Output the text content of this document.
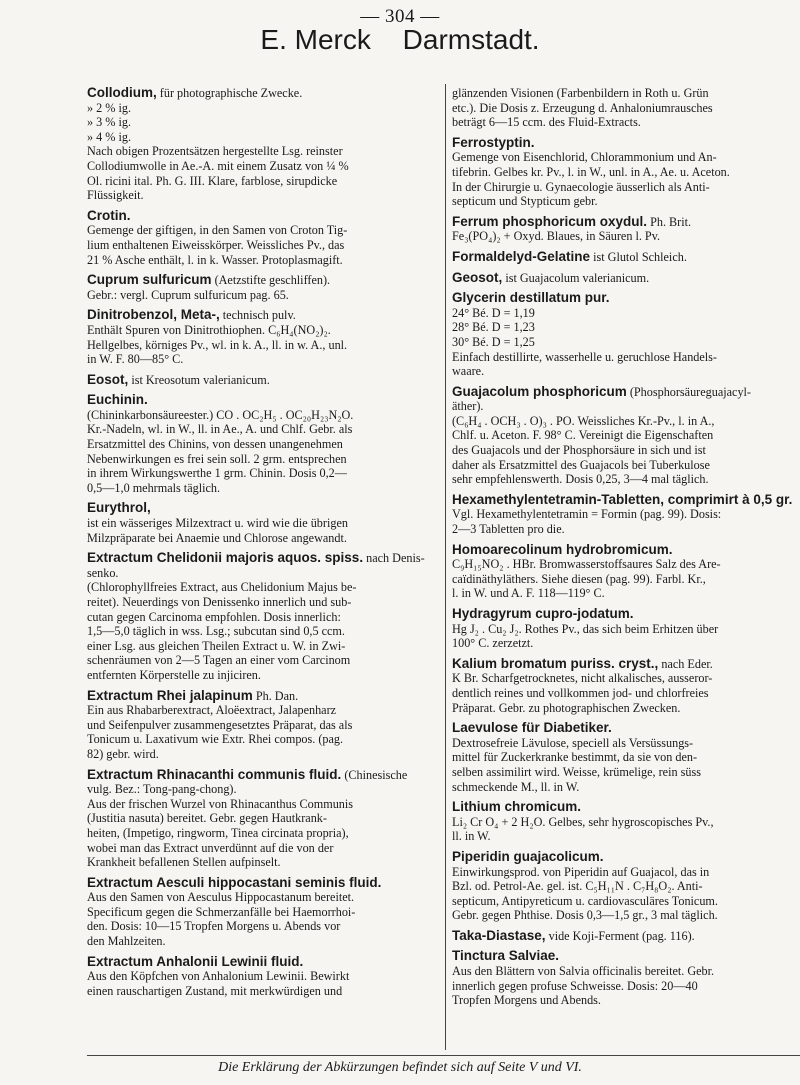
— 304 —
E. Merck Darmstadt.
Collodium, für photographische Zwecke.
» 2 % ig.
» 3 % ig.
» 4 % ig.
Nach obigen Prozentsätzen hergestellte Lsg. reinster
Collodiumwolle in Ae.-A. mit einem Zusatz von ¼ %
Ol. ricini ital. Ph. G. III. Klare, farblose, sirupdicke
Flüssigkeit.
Crotin.
Gemenge der giftigen, in den Samen von Croton Tig-
lium enthaltenen Eiweisskörper. Weissliches Pv., das
21 % Asche enthält, l. in k. Wasser. Protoplasmagift.
Cuprum sulfuricum (Aetzstifte geschliffen).
Gebr.: vergl. Cuprum sulfuricum pag. 65.
Dinitrobenzol, Meta-, technisch pulv.
Enthält Spuren von Dinitrothiophen. C₆H₄(NO₂)₂.
Hellgelbes, körniges Pv., wl. in k. A., ll. in w. A., unl.
in W. F. 80—85° C.
Eosot, ist Kreosotum valerianicum.
Euchinin.
(Chininkarbonsäureester.) CO . OC₂H₅ . OC₂₀H₂₃N₂O.
Kr.-Nadeln, wl. in W., ll. in Ae., A. und Chlf. Gebr. als
Ersatzmittel des Chinins, von dessen unangenehmen
Nebenwirkungen es frei sein soll. 2 grm. entsprechen
in ihrem Wirkungswerthe 1 grm. Chinin. Dosis 0,2—
0,5—1,0 mehrmals täglich.
Eurythrol,
ist ein wässeriges Milzextract u. wird wie die übrigen
Milzpräparate bei Anaemie und Chlorose angewandt.
Extractum Chelidonii majoris aquos. spiss. nach Denis-
senko.
(Chlorophyllfreies Extract, aus Chelidonium Majus be-
reitet). Neuerdings von Denissenko innerlich und sub-
cutan gegen Carcinoma empfohlen. Dosis innerlich:
1,5—5,0 täglich in wss. Lsg.; subcutan sind 0,5 ccm.
einer Lsg. aus gleichen Theilen Extract u. W. in Zwi-
schenräumen von 2—5 Tagen an einer vom Carcinom
entfernten Körperstelle zu injiciren.
Extractum Rhei jalapinum Ph. Dan.
Ein aus Rhabarberextract, Aloëextract, Jalapenharz
und Seifenpulver zusammengesetztes Präparat, das als
Tonicum u. Laxativum wie Extr. Rhei compos. (pag.
82) gebr. wird.
Extractum Rhinacanthi communis fluid. (Chinesische
vulg. Bez.: Tong-pang-chong).
Aus der frischen Wurzel von Rhinacanthus Communis
(Justitia nasuta) bereitet. Gebr. gegen Hautkrank-
heiten, (Impetigo, ringworm, Tinea circinata propria),
wobei man das Extract unverdünnt auf die von der
Krankheit befallenen Stellen aufpinselt.
Extractum Aesculi hippocastani seminis fluid.
Aus den Samen von Aesculus Hippocastanum bereitet.
Specificum gegen die Schmerzanfälle bei Haemorrhoi-
den. Dosis: 10—15 Tropfen Morgens u. Abends vor
den Mahlzeiten.
Extractum Anhalonii Lewinii fluid.
Aus den Köpfchen von Anhalonium Lewinii. Bewirkt
einen rauschartigen Zustand, mit merkwürdigen und
glänzenden Visionen (Farbenbildern in Roth u. Grün
etc.). Die Dosis z. Erzeugung d. Anhaloniumrausches
beträgt 6—15 ccm. des Fluid-Extracts.
Ferrostyptin.
Gemenge von Eisenchlorid, Chlorammonium und An-
tifebrin. Gelbes kr. Pv., l. in W., unl. in A., Ae. u. Aceton.
In der Chirurgie u. Gynaecologie äusserlich als Anti-
septicum und Stypticum gebr.
Ferrum phosphoricum oxydul. Ph. Brit.
Fe₃(PO₄)₂ + Oxyd. Blaues, in Säuren l. Pv.
Formaldelyd-Gelatine ist Glutol Schleich.
Geosot, ist Guajacolum valerianicum.
Glycerin destillatum pur.
24° Bé. D = 1,19
28° Bé. D = 1,23
30° Bé. D = 1,25
Einfach destillirte, wasserhelle u. geruchlose Handels-
waare.
Guajacolum phosphoricum (Phosphorsäureguajacyl-
äther).
(C₆H₄ . OCH₃ . O)₃ . PO. Weissliches Kr.-Pv., l. in A.,
Chlf. u. Aceton. F. 98° C. Vereinigt die Eigenschaften
des Guajacols und der Phosphorsäure in sich und ist
daher als Ersatzmittel des Guajacols bei Tuberkulose
sehr empfehlenswerth. Dosis 0,25, 3—4 mal täglich.
Hexamethylentetramin-Tabletten, comprimirt à 0,5 gr.
Vgl. Hexamethylentetramin = Formin (pag. 99). Dosis:
2—3 Tabletten pro die.
Homoarecolinum hydrobromicum.
C₉H₁₅NO₂ . HBr. Bromwasserstoffsaures Salz des Are-
caïdinäthyläthers. Siehe diesen (pag. 99). Farbl. Kr.,
l. in W. und A. F. 118—119° C.
Hydragyrum cupro-jodatum.
Hg J₂ . Cu₂ J₂. Rothes Pv., das sich beim Erhitzen über
100° C. zerzetzt.
Kalium bromatum puriss. cryst., nach Eder.
K Br. Scharfgetrocknetes, nicht alkalisches, ausseror-
dentlich reines und vollkommen jod- und chlorfreies
Präparat. Gebr. zu photographischen Zwecken.
Laevulose für Diabetiker.
Dextrosefreie Lävulose, speciell als Versüssungs-
mittel für Zuckerkranke bestimmt, da sie von den-
selben assimilirt wird. Weisse, krümelige, rein süss
schmeckende M., ll. in W.
Lithium chromicum.
Li₂ Cr O₄ + 2 H₂O. Gelbes, sehr hygroscopisches Pv.,
ll. in W.
Piperidin guajacolicum.
Einwirkungsprod. von Piperidin auf Guajacol, das in
Bzl. od. Petrol-Ae. gel. ist. C₅H₁₁N . C₇H₈O₂. Anti-
septicum, Antipyreticum u. cardiovasculäres Tonicum.
Gebr. gegen Phthise. Dosis 0,3—1,5 gr., 3 mal täglich.
Taka-Diastase, vide Koji-Ferment (pag. 116).
Tinctura Salviae.
Aus den Blättern von Salvia officinalis bereitet. Gebr.
innerlich gegen profuse Schweisse. Dosis: 20—40
Tropfen Morgens und Abends.
Die Erklärung der Abkürzungen befindet sich auf Seite V und VI.
